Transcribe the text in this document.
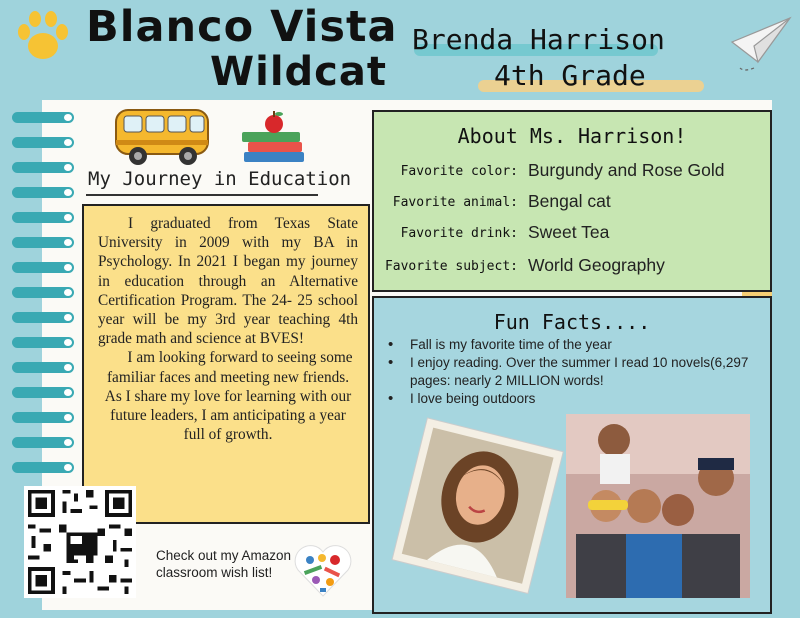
Blanco Vista
Wildcat
Brenda Harrison
4th Grade
My Journey in Education

I graduated from Texas State University in 2009 with my BA in Psychology. In 2021 I began my journey in education through an Alternative Certification Program. The 24- 25 school year will be my 3rd year teaching 4th grade math and science at BVES!

I am looking forward to seeing some familiar faces and meeting new friends. As I share my love for learning with our future leaders, I am anticipating a year full of growth.

Check out my Amazon classroom wish list!
About Ms. Harrison!
Favorite color: Burgundy and Rose Gold
Favorite animal: Bengal cat
Favorite drink: Sweet Tea
Favorite subject: World Geography
Fun Facts....
• Fall is my favorite time of the year
• I enjoy reading. Over the summer I read 10 novels(6,297 pages: nearly 2 MILLION words!
• I love being outdoors
